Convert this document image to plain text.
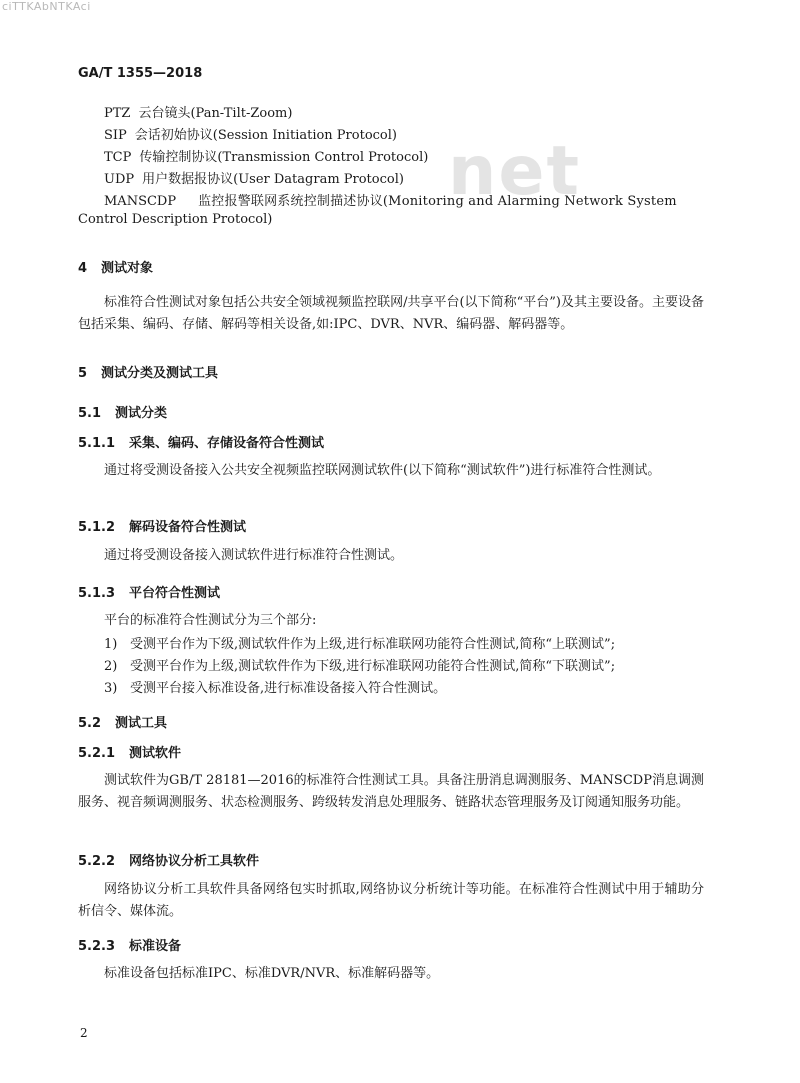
ciTTKAbNTKAci
GA/T 1355—2018
net
PTZ 云台镜头(Pan-Tilt-Zoom)
SIP 会话初始协议(Session Initiation Protocol)
TCP 传输控制协议(Transmission Control Protocol)
UDP 用户数据报协议(User Datagram Protocol)
MANSCDP 监控报警联网系统控制描述协议(Monitoring and Alarming Network System
Control Description Protocol)
4 测试对象
标准符合性测试对象包括公共安全领域视频监控联网/共享平台(以下简称“平台”)及其主要设备。主要设备包括采集、编码、存储、解码等相关设备,如:IPC、DVR、NVR、编码器、解码器等。
5 测试分类及测试工具
5.1 测试分类
5.1.1 采集、编码、存储设备符合性测试
通过将受测设备接入公共安全视频监控联网测试软件(以下简称“测试软件”)进行标准符合性测试。
5.1.2 解码设备符合性测试
通过将受测设备接入测试软件进行标准符合性测试。
5.1.3 平台符合性测试
平台的标准符合性测试分为三个部分:
1) 受测平台作为下级,测试软件作为上级,进行标准联网功能符合性测试,简称“上联测试”;
2) 受测平台作为上级,测试软件作为下级,进行标准联网功能符合性测试,简称“下联测试”;
3) 受测平台接入标准设备,进行标准设备接入符合性测试。
5.2 测试工具
5.2.1 测试软件
测试软件为GB/T 28181—2016的标准符合性测试工具。具备注册消息调测服务、MANSCDP消息调测服务、视音频调测服务、状态检测服务、跨级转发消息处理服务、链路状态管理服务及订阅通知服务功能。
5.2.2 网络协议分析工具软件
网络协议分析工具软件具备网络包实时抓取,网络协议分析统计等功能。在标准符合性测试中用于辅助分析信令、媒体流。
5.2.3 标准设备
标准设备包括标准IPC、标准DVR/NVR、标准解码器等。
2
